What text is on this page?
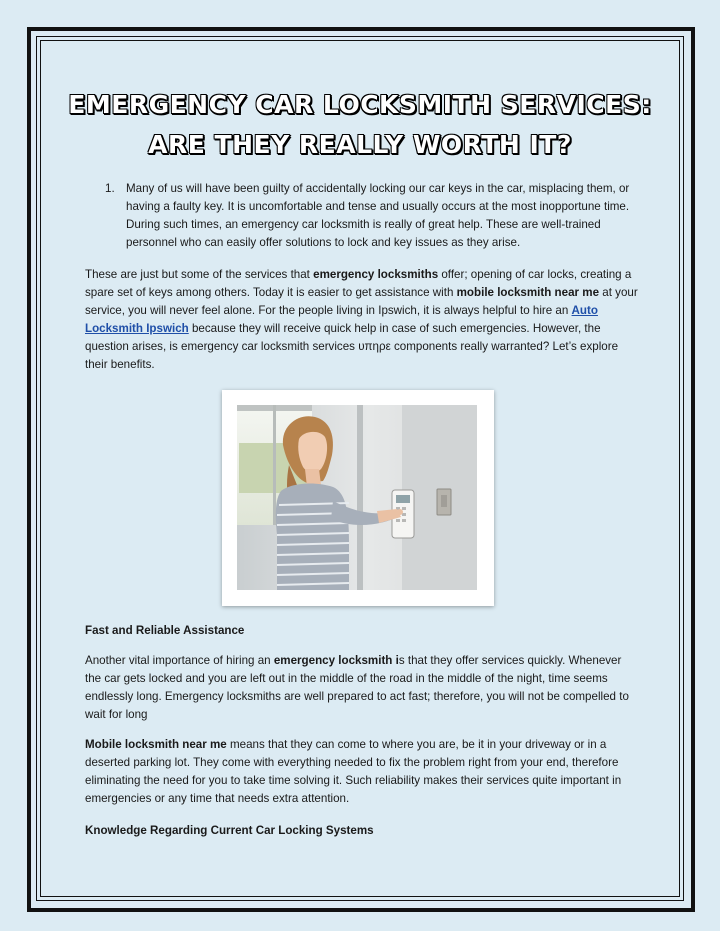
EMERGENCY CAR LOCKSMITH SERVICES:
ARE THEY REALLY WORTH IT?
1. Many of us will have been guilty of accidentally locking our car keys in the car, misplacing them, or having a faulty key. It is uncomfortable and tense and usually occurs at the most inopportune time. During such times, an emergency car locksmith is really of great help. These are well-trained personnel who can easily offer solutions to lock and key issues as they arise.
These are just but some of the services that emergency locksmiths offer; opening of car locks, creating a spare set of keys among others. Today it is easier to get assistance with mobile locksmith near me at your service, you will never feel alone. For the people living in Ipswich, it is always helpful to hire an Auto Locksmith Ipswich because they will receive quick help in case of such emergencies. However, the question arises, is emergency car locksmith services υπηρε components really warranted? Let’s explore their benefits.
Fast and Reliable Assistance
Another vital importance of hiring an emergency locksmith is that they offer services quickly. Whenever the car gets locked and you are left out in the middle of the road in the middle of the night, time seems endlessly long. Emergency locksmiths are well prepared to act fast; therefore, you will not be compelled to wait for long
Mobile locksmith near me means that they can come to where you are, be it in your driveway or in a deserted parking lot. They come with everything needed to fix the problem right from your end, therefore eliminating the need for you to take time solving it. Such reliability makes their services quite important in emergencies or any time that needs extra attention.
Knowledge Regarding Current Car Locking Systems
